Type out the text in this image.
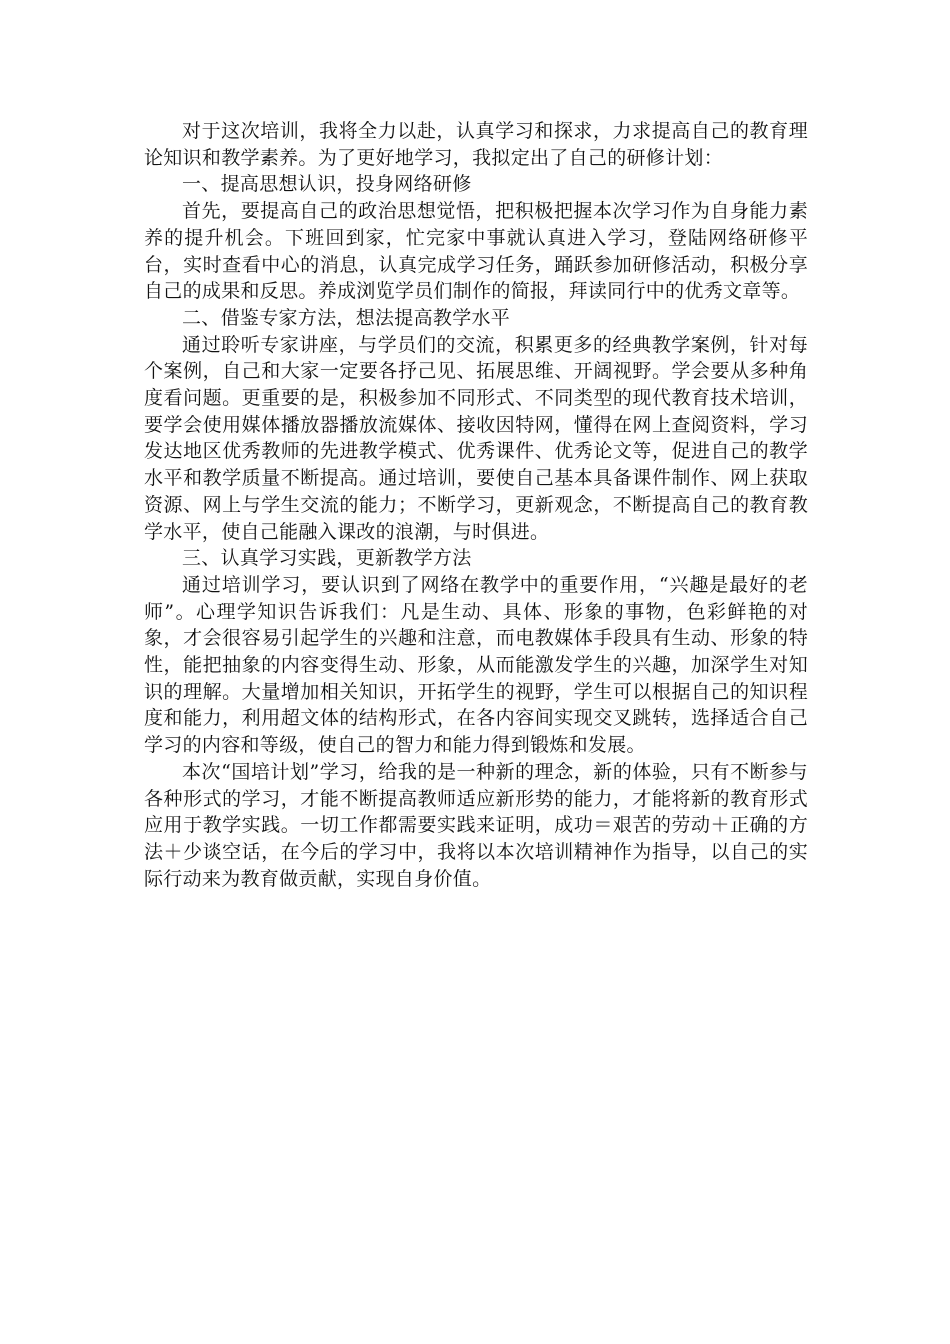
对于这次培训，我将全力以赴，认真学习和探求，力求提高自己的教育理论知识和教学素养。为了更好地学习，我拟定出了自己的研修计划：

一、提高思想认识，投身网络研修

首先，要提高自己的政治思想觉悟，把积极把握本次学习作为自身能力素养的提升机会。下班回到家，忙完家中事就认真进入学习，登陆网络研修平台，实时查看中心的消息，认真完成学习任务，踊跃参加研修活动，积极分享自己的成果和反思。养成浏览学员们制作的简报，拜读同行中的优秀文章等。

二、借鉴专家方法，想法提高教学水平

通过聆听专家讲座，与学员们的交流，积累更多的经典教学案例，针对每个案例，自己和大家一定要各抒己见、拓展思维、开阔视野。学会要从多种角度看问题。更重要的是，积极参加不同形式、不同类型的现代教育技术培训，要学会使用媒体播放器播放流媒体、接收因特网，懂得在网上查阅资料，学习发达地区优秀教师的先进教学模式、优秀课件、优秀论文等，促进自己的教学水平和教学质量不断提高。通过培训，要使自己基本具备课件制作、网上获取资源、网上与学生交流的能力；不断学习，更新观念，不断提高自己的教育教学水平，使自己能融入课改的浪潮，与时俱进。

三、认真学习实践，更新教学方法

通过培训学习，要认识到了网络在教学中的重要作用，“兴趣是最好的老师”。心理学知识告诉我们：凡是生动、具体、形象的事物，色彩鲜艳的对象，才会很容易引起学生的兴趣和注意，而电教媒体手段具有生动、形象的特性，能把抽象的内容变得生动、形象，从而能激发学生的兴趣，加深学生对知识的理解。大量增加相关知识，开拓学生的视野，学生可以根据自己的知识程度和能力，利用超文体的结构形式，在各内容间实现交叉跳转，选择适合自己学习的内容和等级，使自己的智力和能力得到锻炼和发展。

本次“国培计划”学习，给我的是一种新的理念，新的体验，只有不断参与各种形式的学习，才能不断提高教师适应新形势的能力，才能将新的教育形式应用于教学实践。一切工作都需要实践来证明，成功＝艰苦的劳动＋正确的方法＋少谈空话，在今后的学习中，我将以本次培训精神作为指导，以自己的实际行动来为教育做贡献，实现自身价值。
